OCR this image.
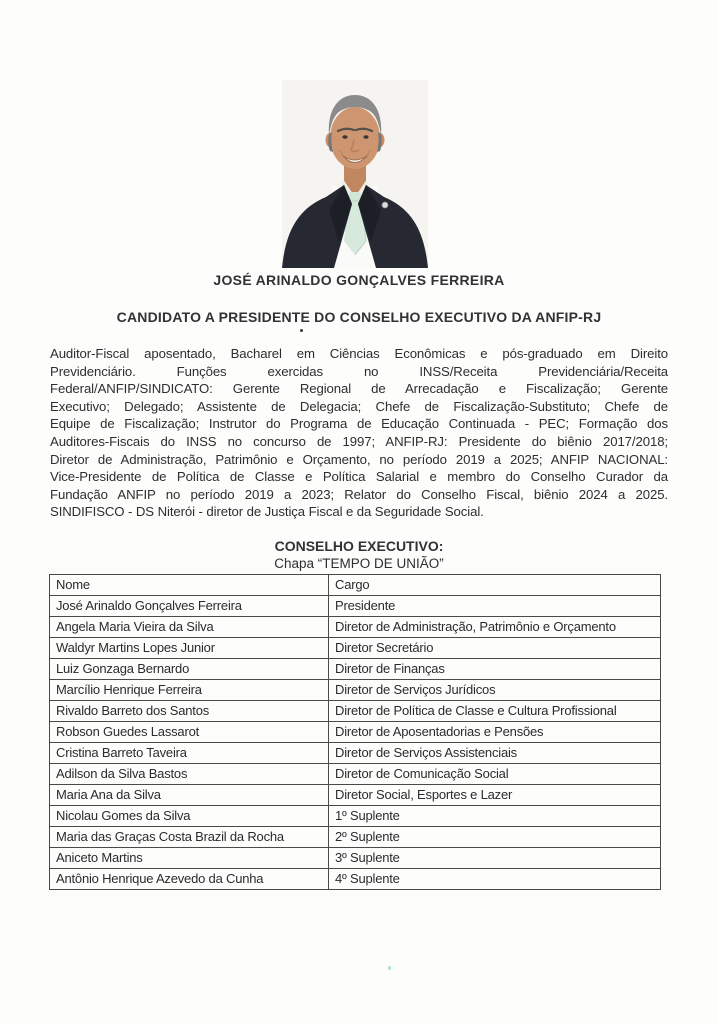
JOSÉ ARINALDO GONÇALVES FERREIRA
CANDIDATO A PRESIDENTE DO CONSELHO EXECUTIVO DA ANFIP-RJ
Auditor-Fiscal aposentado, Bacharel em Ciências Econômicas e pós-graduado em Direito
Previdenciário. Funções exercidas no INSS/Receita Previdenciária/Receita
Federal/ANFIP/SINDICATO: Gerente Regional de Arrecadação e Fiscalização; Gerente
Executivo; Delegado; Assistente de Delegacia; Chefe de Fiscalização-Substituto; Chefe de
Equipe de Fiscalização; Instrutor do Programa de Educação Continuada - PEC; Formação dos
Auditores-Fiscais do INSS no concurso de 1997; ANFIP-RJ: Presidente do biênio 2017/2018;
Diretor de Administração, Patrimônio e Orçamento, no período 2019 a 2025; ANFIP NACIONAL:
Vice-Presidente de Política de Classe e Política Salarial e membro do Conselho Curador da
Fundação ANFIP no período 2019 a 2023; Relator do Conselho Fiscal, biênio 2024 a 2025.
SINDIFISCO - DS Niterói - diretor de Justiça Fiscal e da Seguridade Social.
CONSELHO EXECUTIVO:
Chapa “TEMPO DE UNIÃO”
Nome	Cargo
José Arinaldo Gonçalves Ferreira	Presidente
Angela Maria Vieira da Silva	Diretor de Administração, Patrimônio e Orçamento
Waldyr Martins Lopes Junior	Diretor Secretário
Luiz Gonzaga Bernardo	Diretor de Finanças
Marcílio Henrique Ferreira	Diretor de Serviços Jurídicos
Rivaldo Barreto dos Santos	Diretor de Política de Classe e Cultura Profissional
Robson Guedes Lassarot	Diretor de Aposentadorias e Pensões
Cristina Barreto Taveira	Diretor de Serviços Assistenciais
Adilson da Silva Bastos	Diretor de Comunicação Social
Maria Ana da Silva	Diretor Social, Esportes e Lazer
Nicolau Gomes da Silva	1º Suplente
Maria das Graças Costa Brazil da Rocha	2º Suplente
Aniceto Martins	3º Suplente
Antônio Henrique Azevedo da Cunha	4º Suplente
